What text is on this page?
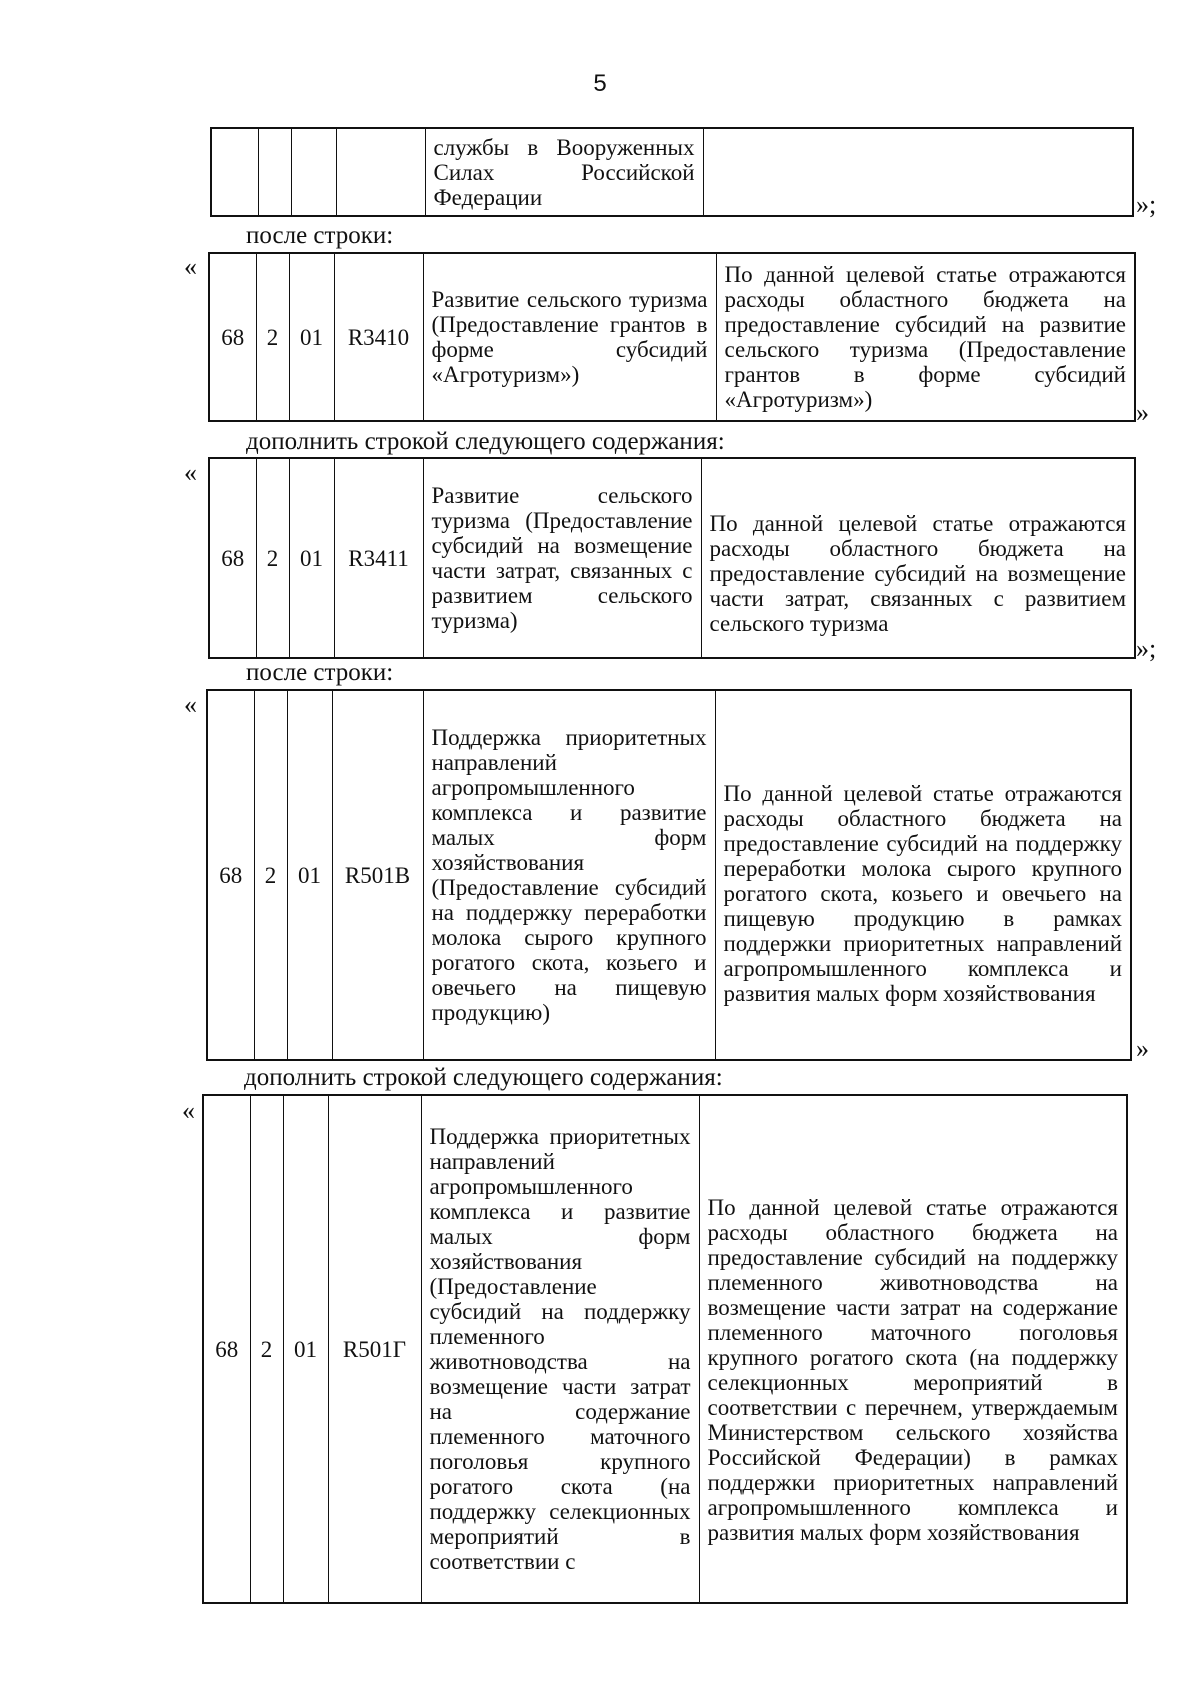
5
				службы в Вооруженных Силах Российской Федерации		»;
после строки:
«
68	2	01	R3410	Развитие сельского туризма (Предоставление грантов в форме субсидий «Агротуризм»)	По данной целевой статье отражаются расходы областного бюджета на предоставление субсидий на развитие сельского туризма (Предоставление грантов в форме субсидий «Агротуризм»)	»
дополнить строкой следующего содержания:
«
68	2	01	R3411	Развитие сельского туризма (Предоставление субсидий на возмещение части затрат, связанных с развитием сельского туризма)	По данной целевой статье отражаются расходы областного бюджета на предоставление субсидий на возмещение части затрат, связанных с развитием сельского туризма
»;
после строки:
«
68	2	01	R501B	Поддержка приоритетных направлений агропромышленного комплекса и развитие малых форм хозяйствования (Предоставление субсидий на поддержку переработки молока сырого крупного рогатого скота, козьего и овечьего на пищевую продукцию)	По данной целевой статье отражаются расходы областного бюджета на предоставление субсидий на поддержку переработки молока сырого крупного рогатого скота, козьего и овечьего на пищевую продукцию в рамках поддержки приоритетных направлений агропромышленного комплекса и развития малых форм хозяйствования
»
дополнить строкой следующего содержания:
«
68	2	01	R501Г	Поддержка приоритетных направлений агропромышленного комплекса и развитие малых форм хозяйствования (Предоставление субсидий на поддержку племенного животноводства на возмещение части затрат на содержание племенного маточного поголовья крупного рогатого скота (на поддержку селекционных мероприятий в соответствии с	По данной целевой статье отражаются расходы областного бюджета на предоставление субсидий на поддержку племенного животноводства на возмещение части затрат на содержание племенного маточного поголовья крупного рогатого скота (на поддержку селекционных мероприятий в соответствии с перечнем, утверждаемым Министерством сельского хозяйства Российской Федерации) в рамках поддержки приоритетных направлений агропромышленного комплекса и развития малых форм хозяйствования
